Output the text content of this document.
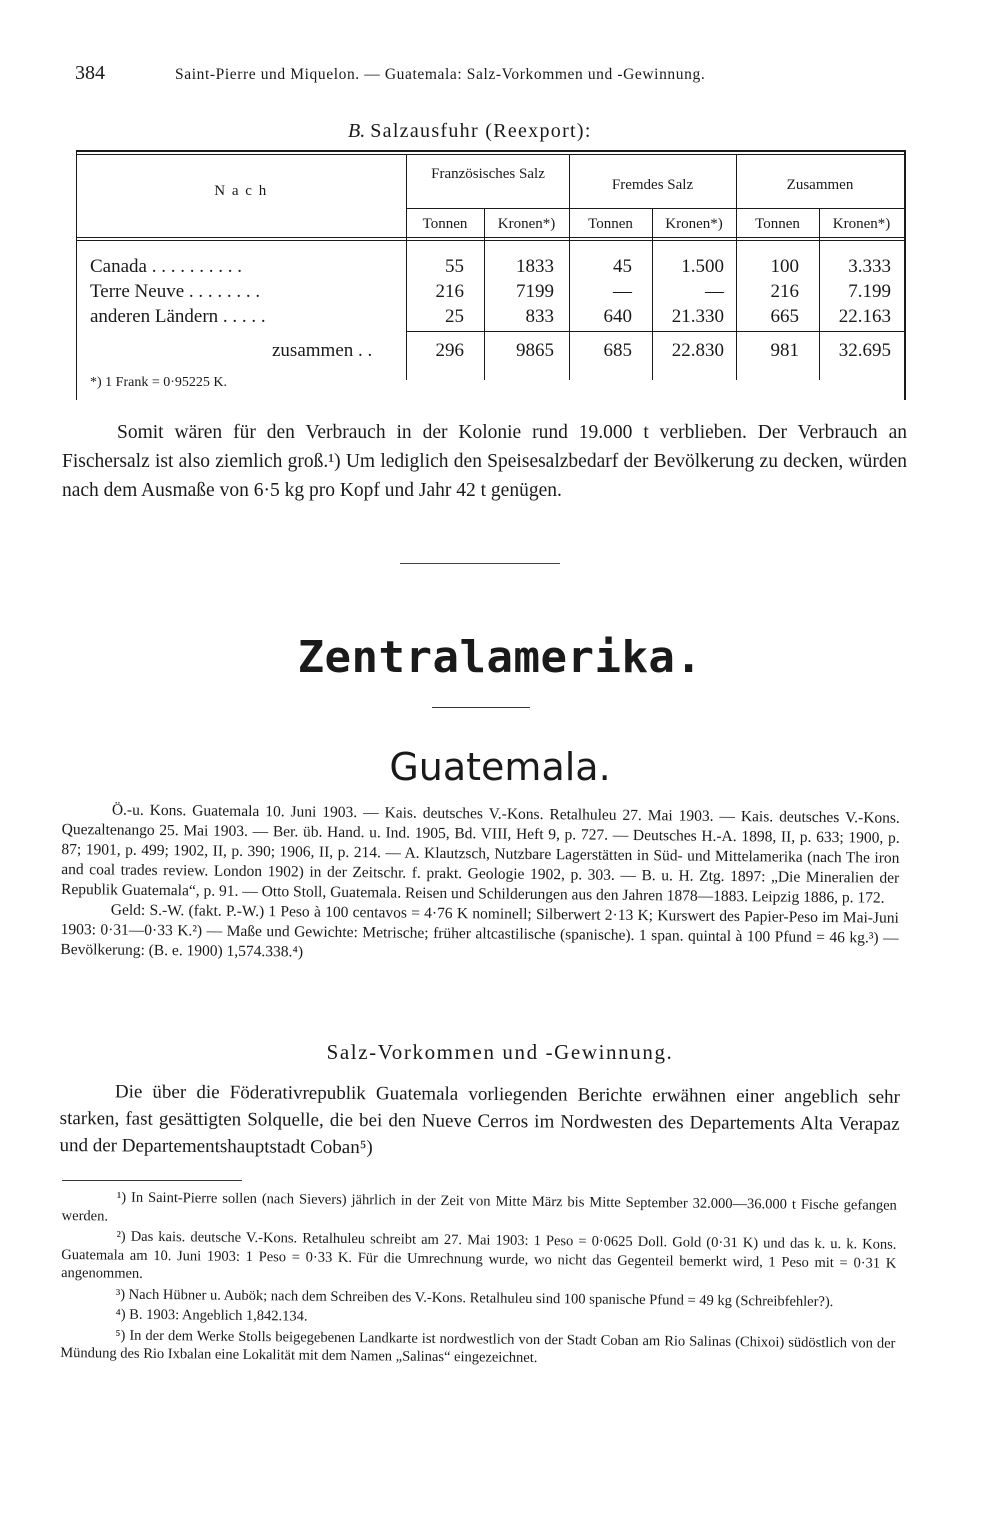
384	Saint-Pierre und Miquelon. — Guatemala: Salz-Vorkommen und -Gewinnung.
B. Salzausfuhr (Reexport):
N a c h
Französisches Salz
Fremdes Salz	Zusammen
Tonnen	Kronen*)	Tonnen	Kronen*)	Tonnen	Kronen*)
Canada . . . . . . . . . .	55	1833	45	1.500	100	3.333
Terre Neuve . . . . . . . .	216	7199	—	—	216	7.199
anderen Ländern . . . . .	25	833	640	21.330	665	22.163
zusammen . .	296	9865	685	22.830	981	32.695
*) 1 Frank = 0·95225 K.

Somit wären für den Verbrauch in der Kolonie rund 19.000 t verblieben. Der Verbrauch an Fischersalz ist also ziemlich groß.¹) Um lediglich den Speisesalzbedarf der Bevölkerung zu decken, würden nach dem Ausmaße von 6·5 kg pro Kopf und Jahr 42 t genügen.

Zentralamerika.
Guatemala.

Ö.-u. Kons. Guatemala 10. Juni 1903. — Kais. deutsches V.-Kons. Retalhuleu 27. Mai 1903. — Kais. deutsches V.-Kons. Quezaltenango 25. Mai 1903. — Ber. üb. Hand. u. Ind. 1905, Bd. VIII, Heft 9, p. 727. — Deutsches H.-A. 1898, II, p. 633; 1900, p. 87; 1901, p. 499; 1902, II, p. 390; 1906, II, p. 214. — A. Klautzsch, Nutzbare Lagerstätten in Süd- und Mittelamerika (nach The iron and coal trades review. London 1902) in der Zeitschr. f. prakt. Geologie 1902, p. 303. — B. u. H. Ztg. 1897: „Die Mineralien der Republik Guatemala“, p. 91. — Otto Stoll, Guatemala. Reisen und Schilderungen aus den Jahren 1878—1883. Leipzig 1886, p. 172.

Geld: S.-W. (fakt. P.-W.) 1 Peso à 100 centavos = 4·76 K nominell; Silberwert 2·13 K; Kurswert des Papier-Peso im Mai-Juni 1903: 0·31—0·33 K.²) — Maße und Gewichte: Metrische; früher altcastilische (spanische). 1 span. quintal à 100 Pfund = 46 kg.³) — Bevölkerung: (B. e. 1900) 1,574.338.⁴)

Salz-Vorkommen und -Gewinnung.

Die über die Föderativrepublik Guatemala vorliegenden Berichte erwähnen einer angeblich sehr starken, fast gesättigten Solquelle, die bei den Nueve Cerros im Nordwesten des Departements Alta Verapaz und der Departementshauptstadt Coban⁵)

¹) In Saint-Pierre sollen (nach Sievers) jährlich in der Zeit von Mitte März bis Mitte September 32.000—36.000 t Fische gefangen werden.

²) Das kais. deutsche V.-Kons. Retalhuleu schreibt am 27. Mai 1903: 1 Peso = 0·0625 Doll. Gold (0·31 K) und das k. u. k. Kons. Guatemala am 10. Juni 1903: 1 Peso = 0·33 K. Für die Umrechnung wurde, wo nicht das Gegenteil bemerkt wird, 1 Peso mit = 0·31 K angenommen.

³) Nach Hübner u. Aubök; nach dem Schreiben des V.-Kons. Retalhuleu sind 100 spanische Pfund = 49 kg (Schreibfehler?).

⁴) B. 1903: Angeblich 1,842.134.

⁵) In der dem Werke Stolls beigegebenen Landkarte ist nordwestlich von der Stadt Coban am Rio Salinas (Chixoi) südöstlich von der Mündung des Rio Ixbalan eine Lokalität mit dem Namen „Salinas“ eingezeichnet.
